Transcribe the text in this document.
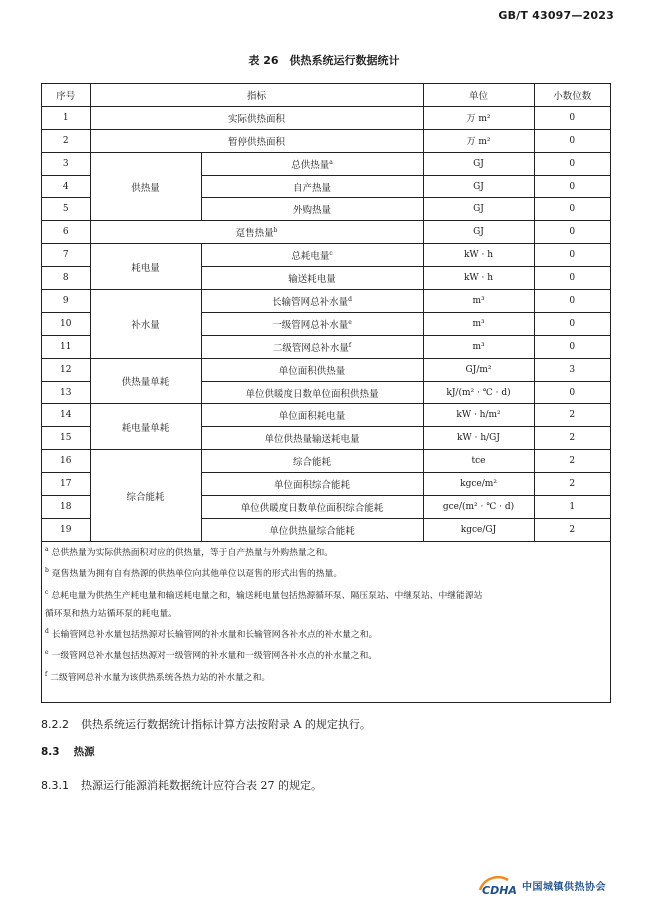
GB/T 43097—2023
表 26　供热系统运行数据统计
序号	指标		单位	小数位数
1	实际供热面积		万 m²	0
2	暂停供热面积		万 m²	0
3	供热量	总供热量$^a$	GJ	0
4		自产热量	GJ	0
5		外购热量	GJ	0
6	趸售热量$^b$		GJ	0
7	耗电量	总耗电量$^c$	kW · h	0
8		输送耗电量	kW · h	0
9	补水量	长输管网总补水量$^d$	m³	0
10		一级管网总补水量$^e$	m³	0
11		二级管网总补水量$^f$	m³	0
12	供热量单耗	单位面积供热量	GJ/m²	3
13		单位供暖度日数单位面积供热量	kJ/(m² · ℃ · d)	0
14	耗电量单耗	单位面积耗电量	kW · h/m²	2
15		单位供热量输送耗电量	kW · h/GJ	2
16	综合能耗	综合能耗	tce	2
17		单位面积综合能耗	kgce/m²	2
18		单位供暖度日数单位面积综合能耗	gce/(m² · ℃ · d)	1
19		单位供热量综合能耗	kgce/GJ	2
$^a$ 总供热量为实际供热面积对应的供热量，等于自产热量与外购热量之和。
$^b$ 趸售热量为拥有自有热源的供热单位向其他单位以趸售的形式出售的热量。
$^c$ 总耗电量为供热生产耗电量和输送耗电量之和，输送耗电量包括热源循环泵、隔压泵站、中继泵站、中继能源站
循环泵和热力站循环泵的耗电量。
$^d$ 长输管网总补水量包括热源对长输管网的补水量和长输管网各补水点的补水量之和。
$^e$ 一级管网总补水量包括热源对一级管网的补水量和一级管网各补水点的补水量之和。
$^f$ 二级管网总补水量为该供热系统各热力站的补水量之和。
8.2.2 供热系统运行数据统计指标计算方法按附录 A 的规定执行。
8.3 热源
8.3.1 热源运行能源消耗数据统计应符合表 27 的规定。
CDHA 中国城镇供热协会
